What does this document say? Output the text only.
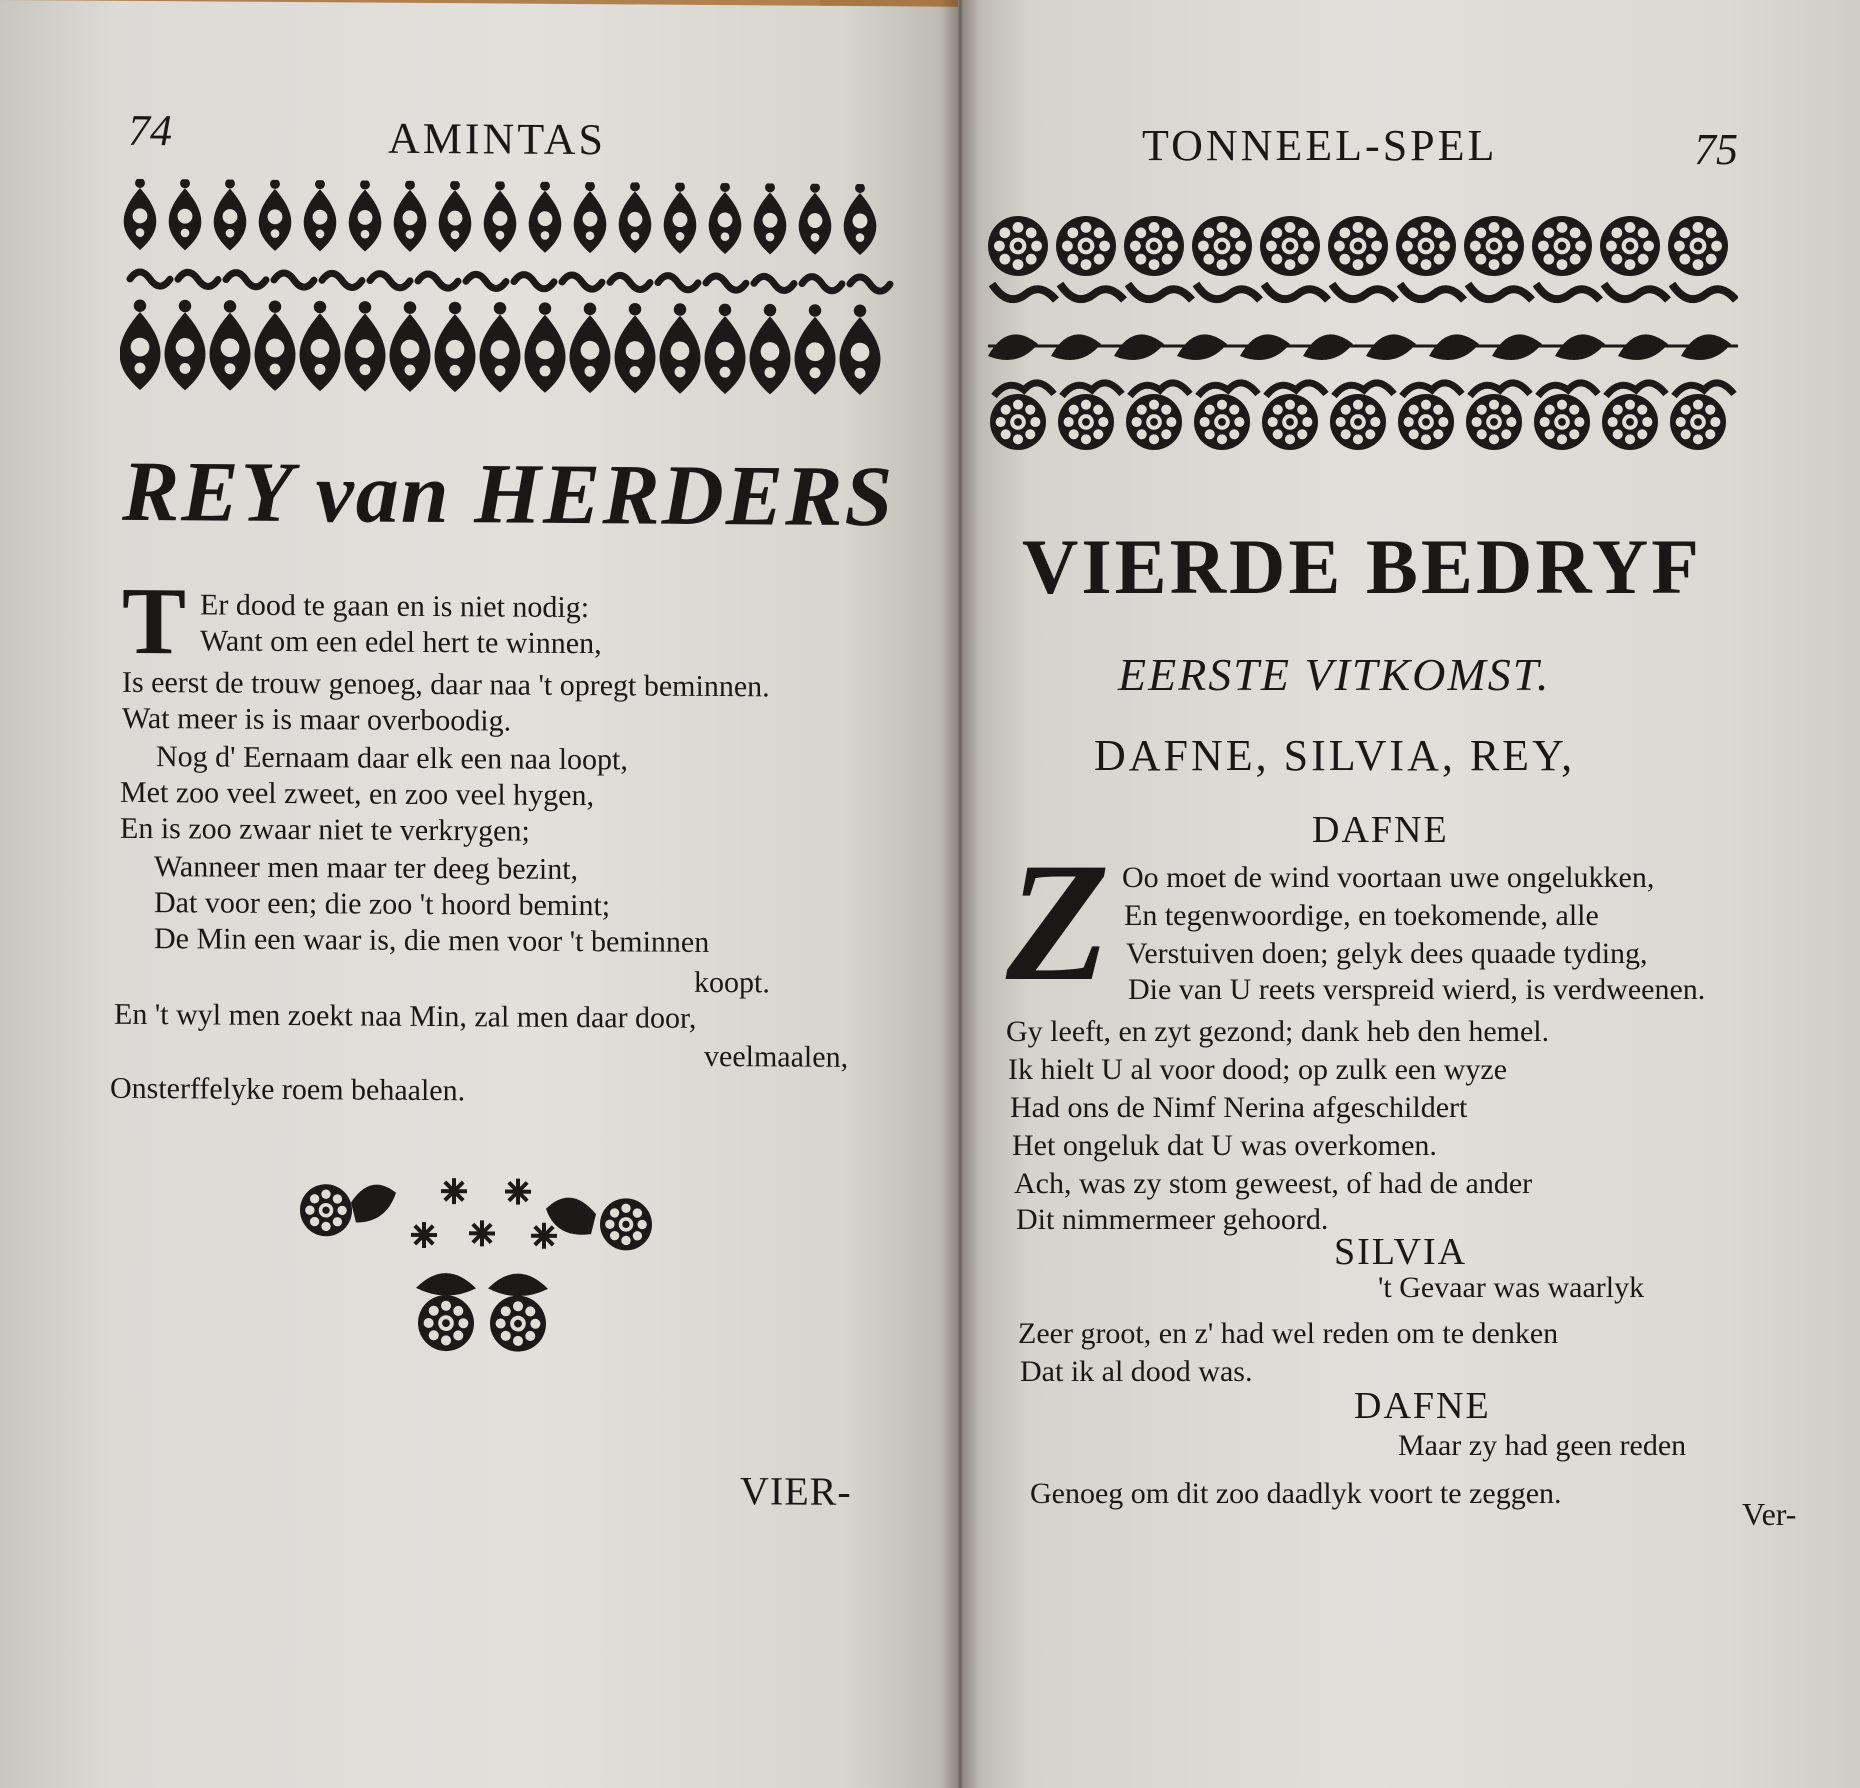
74	AMINTAS
REY van HERDERS
T Er dood te gaan en is niet nodig:
Want om een edel hert te winnen,
Is eerst de trouw genoeg, daar naa 't opregt beminnen.
Wat meer is is maar overboodig.
Nog d' Eernaam daar elk een naa loopt,
Met zoo veel zweet, en zoo veel hygen,
En is zoo zwaar niet te verkrygen;
Wanneer men maar ter deeg bezint,
Dat voor een; die zoo 't hoord bemint;
De Min een waar is, die men voor 't beminnen
koopt.
En 't wyl men zoekt naa Min, zal men daar door,
veelmaalen,
Onsterffelyke roem behaalen.
VIER-
TONNEEL-SPEL	75
VIERDE BEDRYF
EERSTE VITKOMST.
DAFNE, SILVIA, REY,
DAFNE
Z Oo moet de wind voortaan uwe ongelukken,
En tegenwoordige, en toekomende, alle
Verstuiven doen; gelyk dees quaade tyding,
Die van U reets verspreid wierd, is verdweenen.
Gy leeft, en zyt gezond; dank heb den hemel.
Ik hielt U al voor dood; op zulk een wyze
Had ons de Nimf Nerina afgeschildert
Het ongeluk dat U was overkomen.
Ach, was zy stom geweest, of had de ander
Dit nimmermeer gehoord.
SILVIA
't Gevaar was waarlyk
Zeer groot, en z' had wel reden om te denken
Dat ik al dood was.
DAFNE
Maar zy had geen reden
Genoeg om dit zoo daadlyk voort te zeggen.
Ver-
